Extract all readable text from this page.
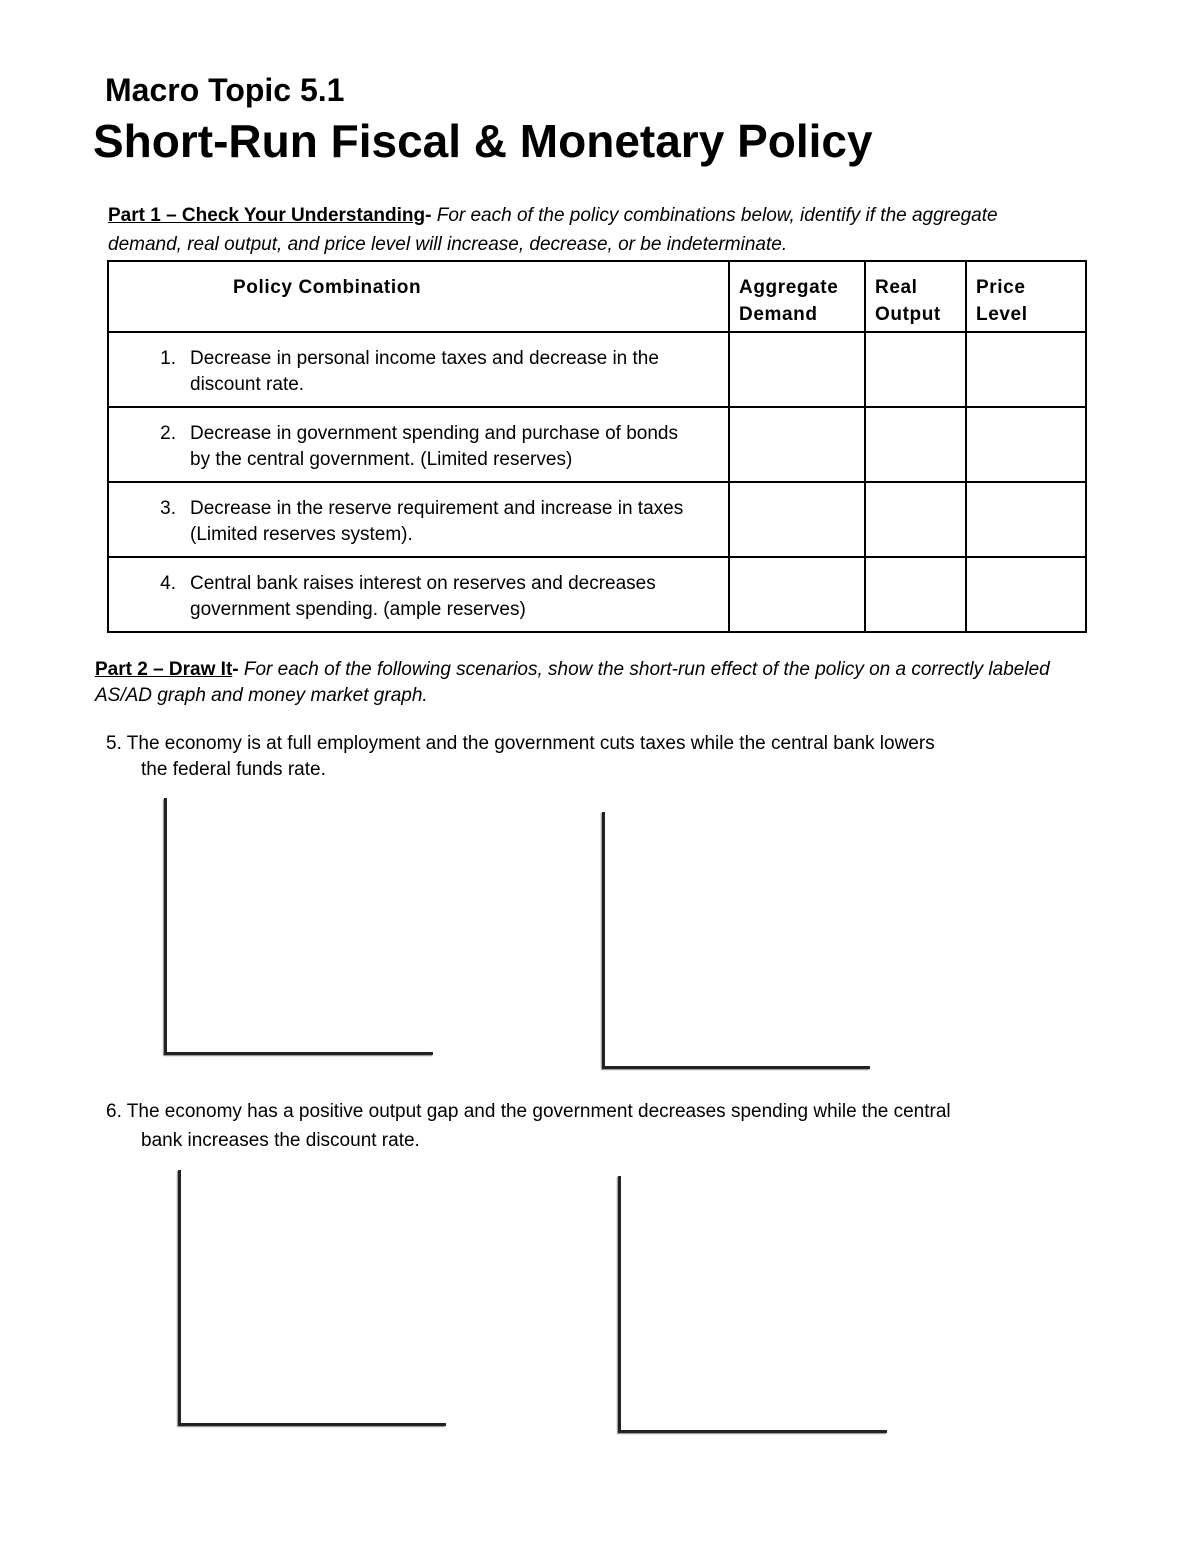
Macro Topic 5.1
Short-Run Fiscal & Monetary Policy
Part 1 – Check Your Understanding- For each of the policy combinations below, identify if the aggregate demand, real output, and price level will increase, decrease, or be indeterminate.
Policy Combination	Aggregate Demand	Real Output	Price Level

1. Decrease in personal income taxes and decrease in the discount rate.			

2. Decrease in government spending and purchase of bonds by the central government. (Limited reserves)			

3. Decrease in the reserve requirement and increase in taxes (Limited reserves system).			

4. Central bank raises interest on reserves and decreases government spending. (ample reserves)			

Part 2 – Draw It- For each of the following scenarios, show the short-run effect of the policy on a correctly labeled AS/AD graph and money market graph.
5. The economy is at full employment and the government cuts taxes while the central bank lowers
the federal funds rate.
6. The economy has a positive output gap and the government decreases spending while the central
bank increases the discount rate.
